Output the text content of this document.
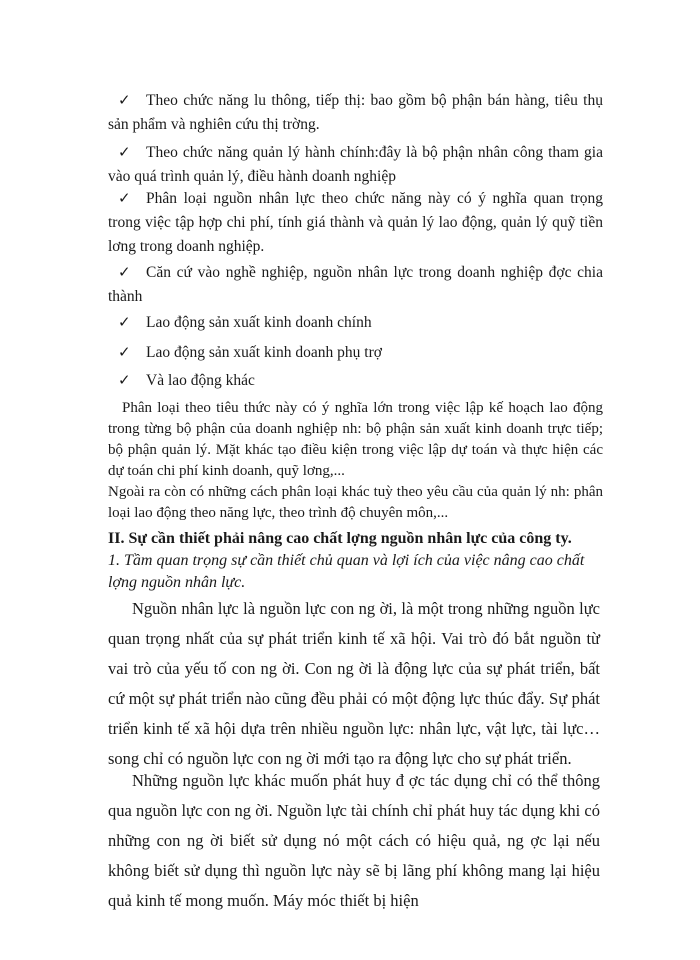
✓ Theo chức năng lu thông, tiếp thị: bao gồm bộ phận bán hàng, tiêu thụ sản phẩm và nghiên cứu thị trờng.
✓ Theo chức năng quản lý hành chính:đây là bộ phận nhân công tham gia vào quá trình quản lý, điều hành doanh nghiệp
✓ Phân loại nguồn nhân lực theo chức năng này có ý nghĩa quan trọng trong việc tập hợp chi phí, tính giá thành và quản lý lao động, quản lý quỹ tiền lơng trong doanh nghiệp.
✓ Căn cứ vào nghề nghiệp, nguồn nhân lực trong doanh nghiệp đợc chia thành
✓ Lao động sản xuất kinh doanh chính
✓ Lao động sản xuất kinh doanh phụ trợ
✓ Và lao động khác
Phân loại theo tiêu thức này có ý nghĩa lớn trong việc lập kế hoạch lao động trong từng bộ phận của doanh nghiệp nh: bộ phận sản xuất kinh doanh trực tiếp; bộ phận quản lý. Mặt khác tạo điều kiện trong việc lập dự toán và thực hiện các dự toán chi phí kinh doanh, quỹ lơng,...
Ngoài ra còn có những cách phân loại khác tuỳ theo yêu cầu của quản lý nh: phân loại lao động theo năng lực, theo trình độ chuyên môn,...
II. Sự cần thiết phải nâng cao chất lợng nguồn nhân lực của công ty.
1. Tầm quan trọng sự cần thiết chủ quan và lợi ích của việc nâng cao chất lợng nguồn nhân lực.
Nguồn nhân lực là nguồn lực con ng ời, là một trong những nguồn lực quan trọng nhất của sự phát triển kinh tế xã hội. Vai trò đó bắt nguồn từ vai trò của yếu tố con ng ời. Con ng ời là động lực của sự phát triển, bất cứ một sự phát triển nào cũng đều phải có một động lực thúc đẩy. Sự phát triển kinh tế xã hội dựa trên nhiều nguồn lực: nhân lực, vật lực, tài lực…song chỉ có nguồn lực con ng ời mới tạo ra động lực cho sự phát triển.
Những nguồn lực khác muốn phát huy đ ợc tác dụng chỉ có thể thông qua nguồn lực con ng ời. Nguồn lực tài chính chỉ phát huy tác dụng khi có những con ng ời biết sử dụng nó một cách có hiệu quả, ng ợc lại nếu không biết sử dụng thì nguồn lực này sẽ bị lãng phí không mang lại hiệu quả kinh tế mong muốn. Máy móc thiết bị hiện
